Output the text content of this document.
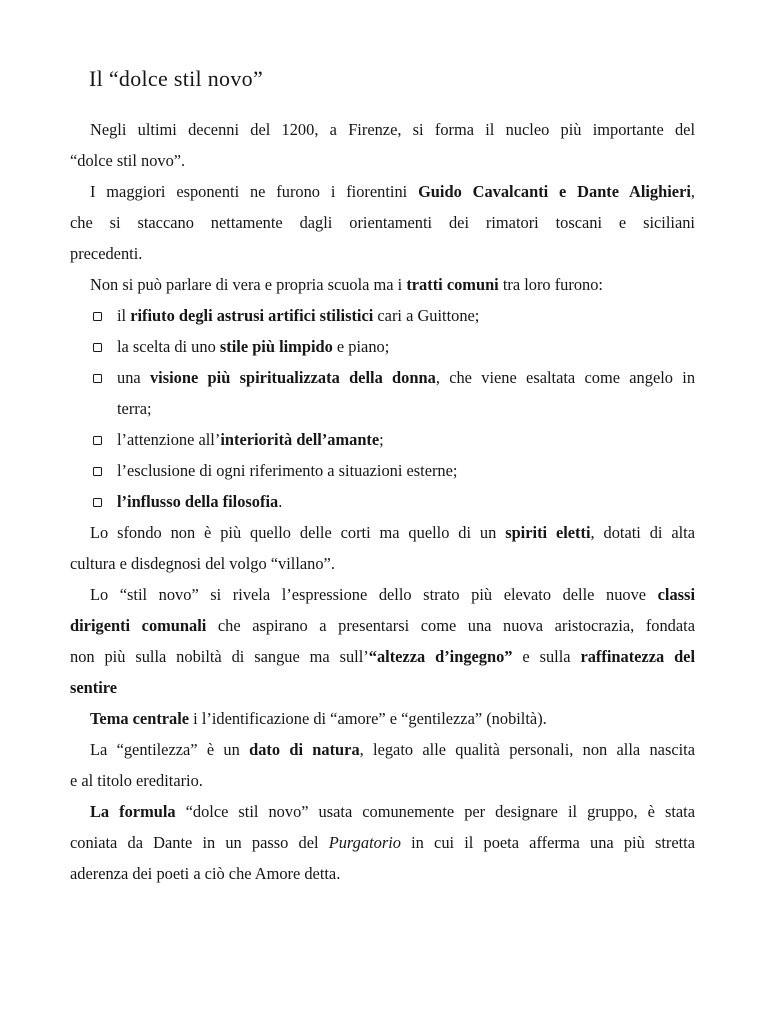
Il “dolce stil novo”
Negli ultimi decenni del 1200, a Firenze, si forma il nucleo più importante del
“dolce stil novo”.
I maggiori esponenti ne furono i fiorentini Guido Cavalcanti e Dante Alighieri,
che si staccano nettamente dagli orientamenti dei rimatori toscani e siciliani
precedenti.
Non si può parlare di vera e propria scuola ma i tratti comuni tra loro furono:
il rifiuto degli astrusi artifici stilistici cari a Guittone;
la scelta di uno stile più limpido e piano;
una visione più spiritualizzata della donna, che viene esaltata come angelo in
terra;
l’attenzione all’interiorità dell’amante;
l’esclusione di ogni riferimento a situazioni esterne;
l’influsso della filosofia.
Lo sfondo non è più quello delle corti ma quello di un spiriti eletti, dotati di alta
cultura e disdegnosi del volgo “villano”.
Lo “stil novo” si rivela l’espressione dello strato più elevato delle nuove classi
dirigenti comunali che aspirano a presentarsi come una nuova aristocrazia, fondata
non più sulla nobiltà di sangue ma sull’“altezza d’ingegno” e sulla raffinatezza del
sentire
Tema centrale i l’identificazione di “amore” e “gentilezza” (nobiltà).
La “gentilezza” è un dato di natura, legato alle qualità personali, non alla nascita
e al titolo ereditario.
La formula “dolce stil novo” usata comunemente per designare il gruppo, è stata
coniata da Dante in un passo del Purgatorio in cui il poeta afferma una più stretta
aderenza dei poeti a ciò che Amore detta.
